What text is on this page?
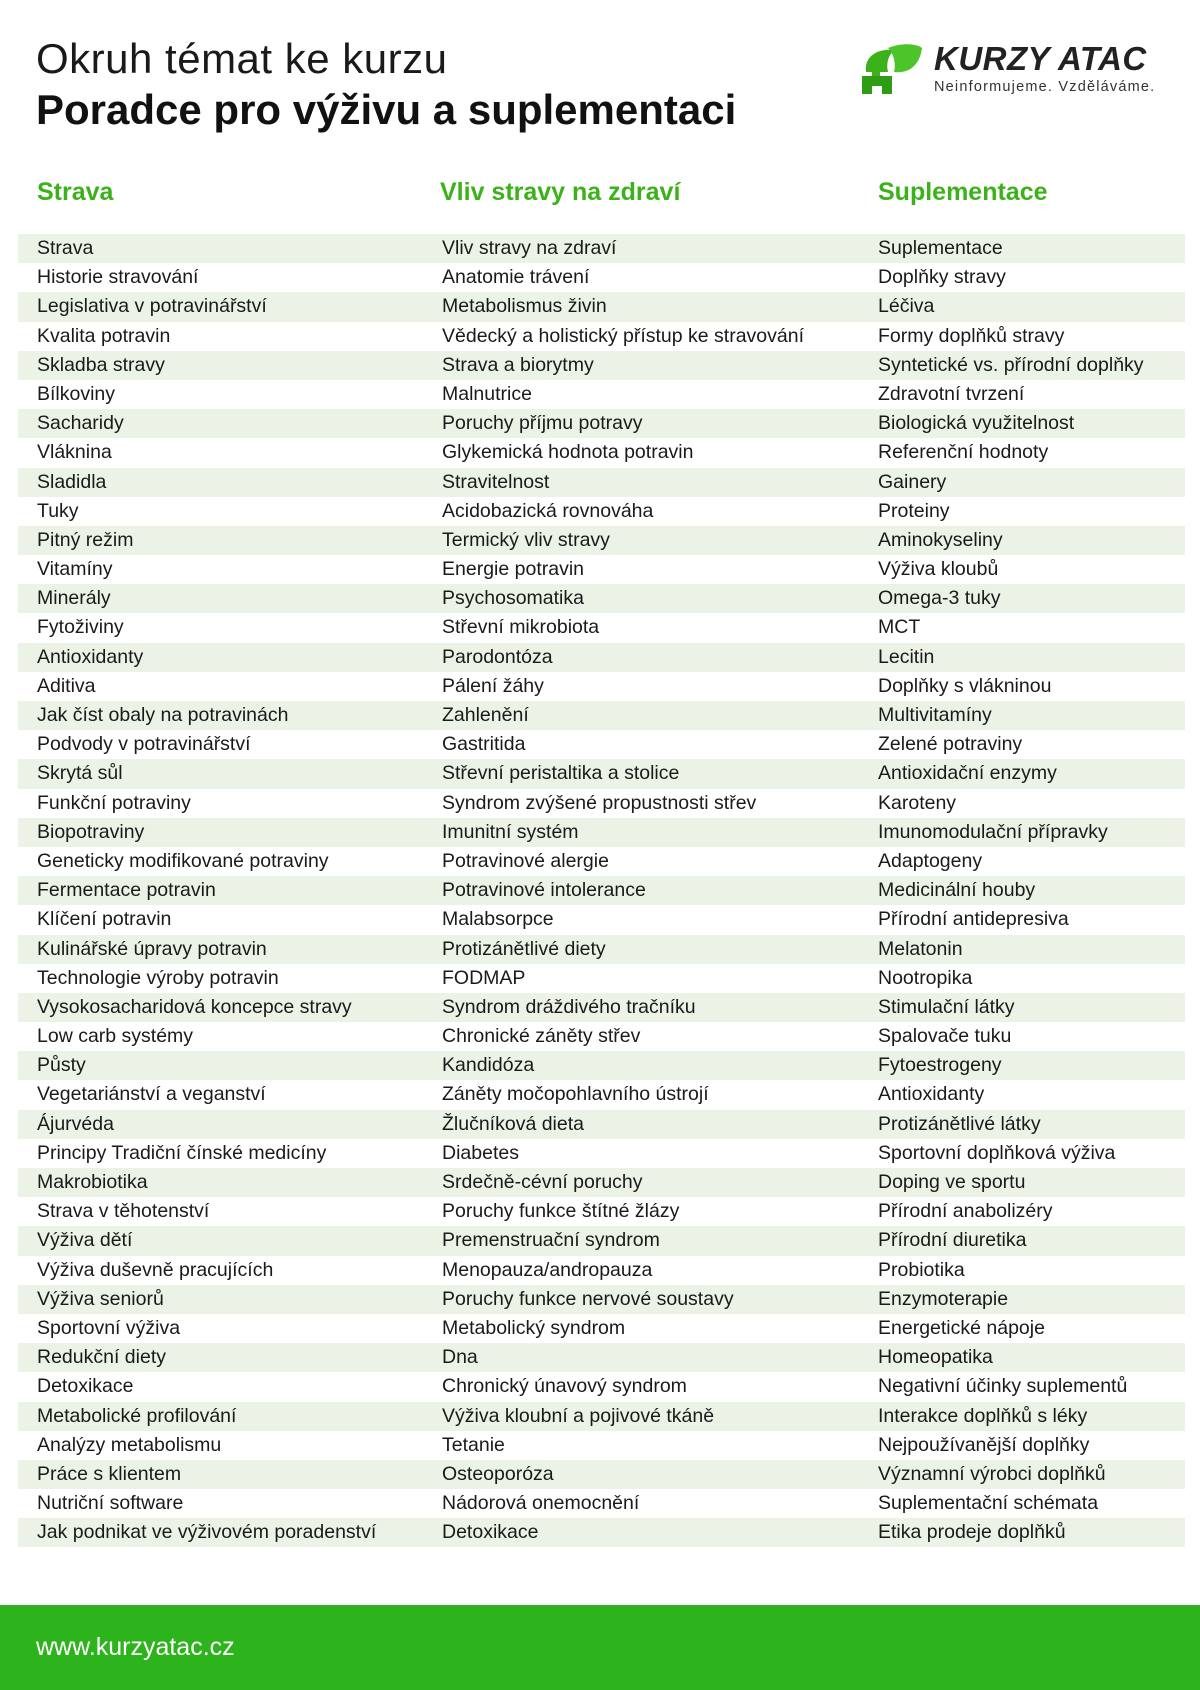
Okruh témat ke kurzu
Poradce pro výživu a suplementaci
KURZY ATAC
Neinformujeme. Vzděláváme.
Strava	Vliv stravy na zdraví	Suplementace
Strava	Vliv stravy na zdraví	Suplementace
Historie stravování	Anatomie trávení	Doplňky stravy
Legislativa v potravinářství	Metabolismus živin	Léčiva
Kvalita potravin	Vědecký a holistický přístup ke stravování	Formy doplňků stravy
Skladba stravy	Strava a biorytmy	Syntetické vs. přírodní doplňky
Bílkoviny	Malnutrice	Zdravotní tvrzení
Sacharidy	Poruchy příjmu potravy	Biologická využitelnost
Vláknina	Glykemická hodnota potravin	Referenční hodnoty
Sladidla	Stravitelnost	Gainery
Tuky	Acidobazická rovnováha	Proteiny
Pitný režim	Termický vliv stravy	Aminokyseliny
Vitamíny	Energie potravin	Výživa kloubů
Minerály	Psychosomatika	Omega-3 tuky
Fytoživiny	Střevní mikrobiota	MCT
Antioxidanty	Parodontóza	Lecitin
Aditiva	Pálení žáhy	Doplňky s vlákninou
Jak číst obaly na potravinách	Zahlenění	Multivitamíny
Podvody v potravinářství	Gastritida	Zelené potraviny
Skrytá sůl	Střevní peristaltika a stolice	Antioxidační enzymy
Funkční potraviny	Syndrom zvýšené propustnosti střev	Karoteny
Biopotraviny	Imunitní systém	Imunomodulační přípravky
Geneticky modifikované potraviny	Potravinové alergie	Adaptogeny
Fermentace potravin	Potravinové intolerance	Medicinální houby
Klíčení potravin	Malabsorpce	Přírodní antidepresiva
Kulinářské úpravy potravin	Protizánětlivé diety	Melatonin
Technologie výroby potravin	FODMAP	Nootropika
Vysokosacharidová koncepce stravy	Syndrom dráždivého tračníku	Stimulační látky
Low carb systémy	Chronické záněty střev	Spalovače tuku
Půsty	Kandidóza	Fytoestrogeny
Vegetariánství a veganství	Záněty močopohlavního ústrojí	Antioxidanty
Ájurvéda	Žlučníková dieta	Protizánětlivé látky
Principy Tradiční čínské medicíny	Diabetes	Sportovní doplňková výživa
Makrobiotika	Srdečně-cévní poruchy	Doping ve sportu
Strava v těhotenství	Poruchy funkce štítné žlázy	Přírodní anabolizéry
Výživa dětí	Premenstruační syndrom	Přírodní diuretika
Výživa duševně pracujících	Menopauza/andropauza	Probiotika
Výživa seniorů	Poruchy funkce nervové soustavy	Enzymoterapie
Sportovní výživa	Metabolický syndrom	Energetické nápoje
Redukční diety	Dna	Homeopatika
Detoxikace	Chronický únavový syndrom	Negativní účinky suplementů
Metabolické profilování	Výživa kloubní a pojivové tkáně	Interakce doplňků s léky
Analýzy metabolismu	Tetanie	Nejpoužívanější doplňky
Práce s klientem	Osteoporóza	Významní výrobci doplňků
Nutriční software	Nádorová onemocnění	Suplementační schémata
Jak podnikat ve výživovém poradenství	Detoxikace	Etika prodeje doplňků
www.kurzyatac.cz
